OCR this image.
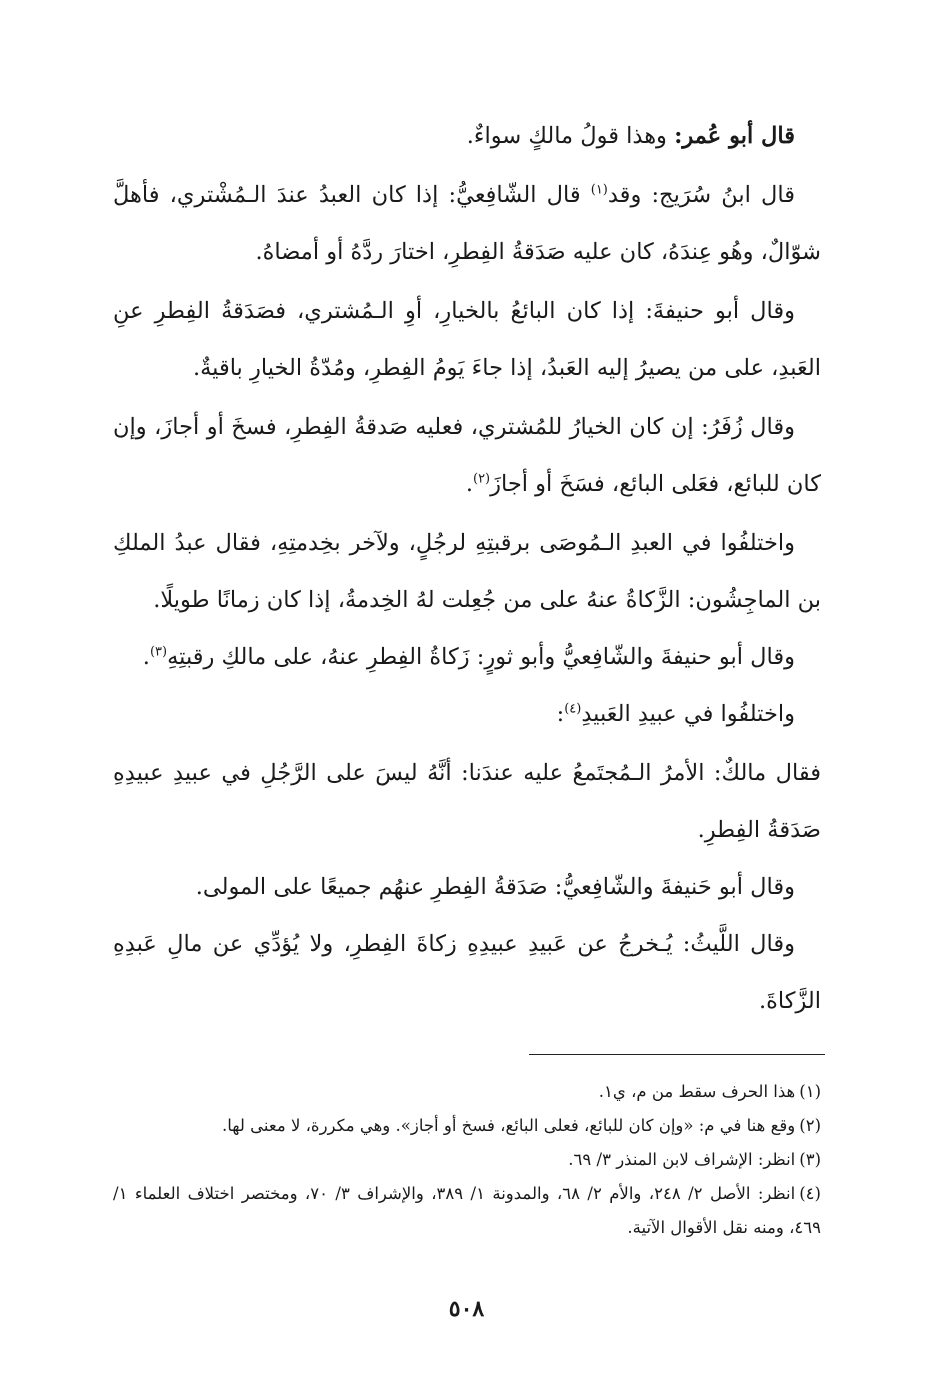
قال أبو عُمر: وهذا قولُ مالكٍ سواءٌ.

قال ابنُ سُرَيج: وقد$^{(١)}$ قال الشّافِعيُّ: إذا كان العبدُ عندَ الـمُشْتري، فأهلَّ شوّالٌ، وهُو عِندَهُ، كان عليه صَدَقةُ الفِطرِ، اختارَ ردَّهُ أو أمضاهُ.

وقال أبو حنيفةَ: إذا كان البائعُ بالخيارِ، أوِ الـمُشتري، فصَدَقةُ الفِطرِ عنِ العَبدِ، على من يصيرُ إليه العَبدُ، إذا جاءَ يَومُ الفِطرِ، ومُدّةُ الخيارِ باقيةٌ.

وقال زُفَرُ: إن كان الخيارُ للمُشتري، فعليه صَدقةُ الفِطرِ، فسخَ أو أجازَ، وإن كان للبائع، فعَلى البائع، فسَخَ أو أجازَ$^{(٢)}$.

واختلفُوا في العبدِ الـمُوصَى برقبتِهِ لرجُلٍ، ولآخر بخِدمتِهِ، فقال عبدُ الملكِ بن الماجِشُون: الزَّكاةُ عنهُ على من جُعِلت لهُ الخِدمةُ، إذا كان زمانًا طويلًا.

وقال أبو حنيفةَ والشّافِعيُّ وأبو ثورٍ: زَكاةُ الفِطرِ عنهُ، على مالكِ رقبتِهِ$^{(٣)}$.

واختلفُوا في عبيدِ العَبيدِ$^{(٤)}$:

فقال مالكٌ: الأمرُ الـمُجتَمعُ عليه عندَنا: أنَّهُ ليسَ على الرَّجُلِ في عبيدِ عبيدِهِ صَدَقةُ الفِطرِ.

وقال أبو حَنيفةَ والشّافِعيُّ: صَدَقةُ الفِطرِ عنهُم جميعًا على المولى.

وقال اللَّيثُ: يُـخرجُ عن عَبيدِ عبيدِهِ زكاةَ الفِطرِ، ولا يُؤدِّي عن مالِ عَبدِهِ الزَّكاةَ.

(١)هذا الحرف سقط من م، ي١.

(٢)وقع هنا في م: «وإن كان للبائع، فعلى البائع، فسخ أو أجاز». وهي مكررة، لا معنى لها.

(٣)انظر: الإشراف لابن المنذر ٣/ ٦٩.

(٤)انظر: الأصل ٢/ ٢٤٨، والأم ٢/ ٦٨، والمدونة ١/ ٣٨٩، والإشراف ٣/ ٧٠، ومختصر اختلاف العلماء ١/ ٤٦٩، ومنه نقل الأقوال الآتية.

٥٠٨
